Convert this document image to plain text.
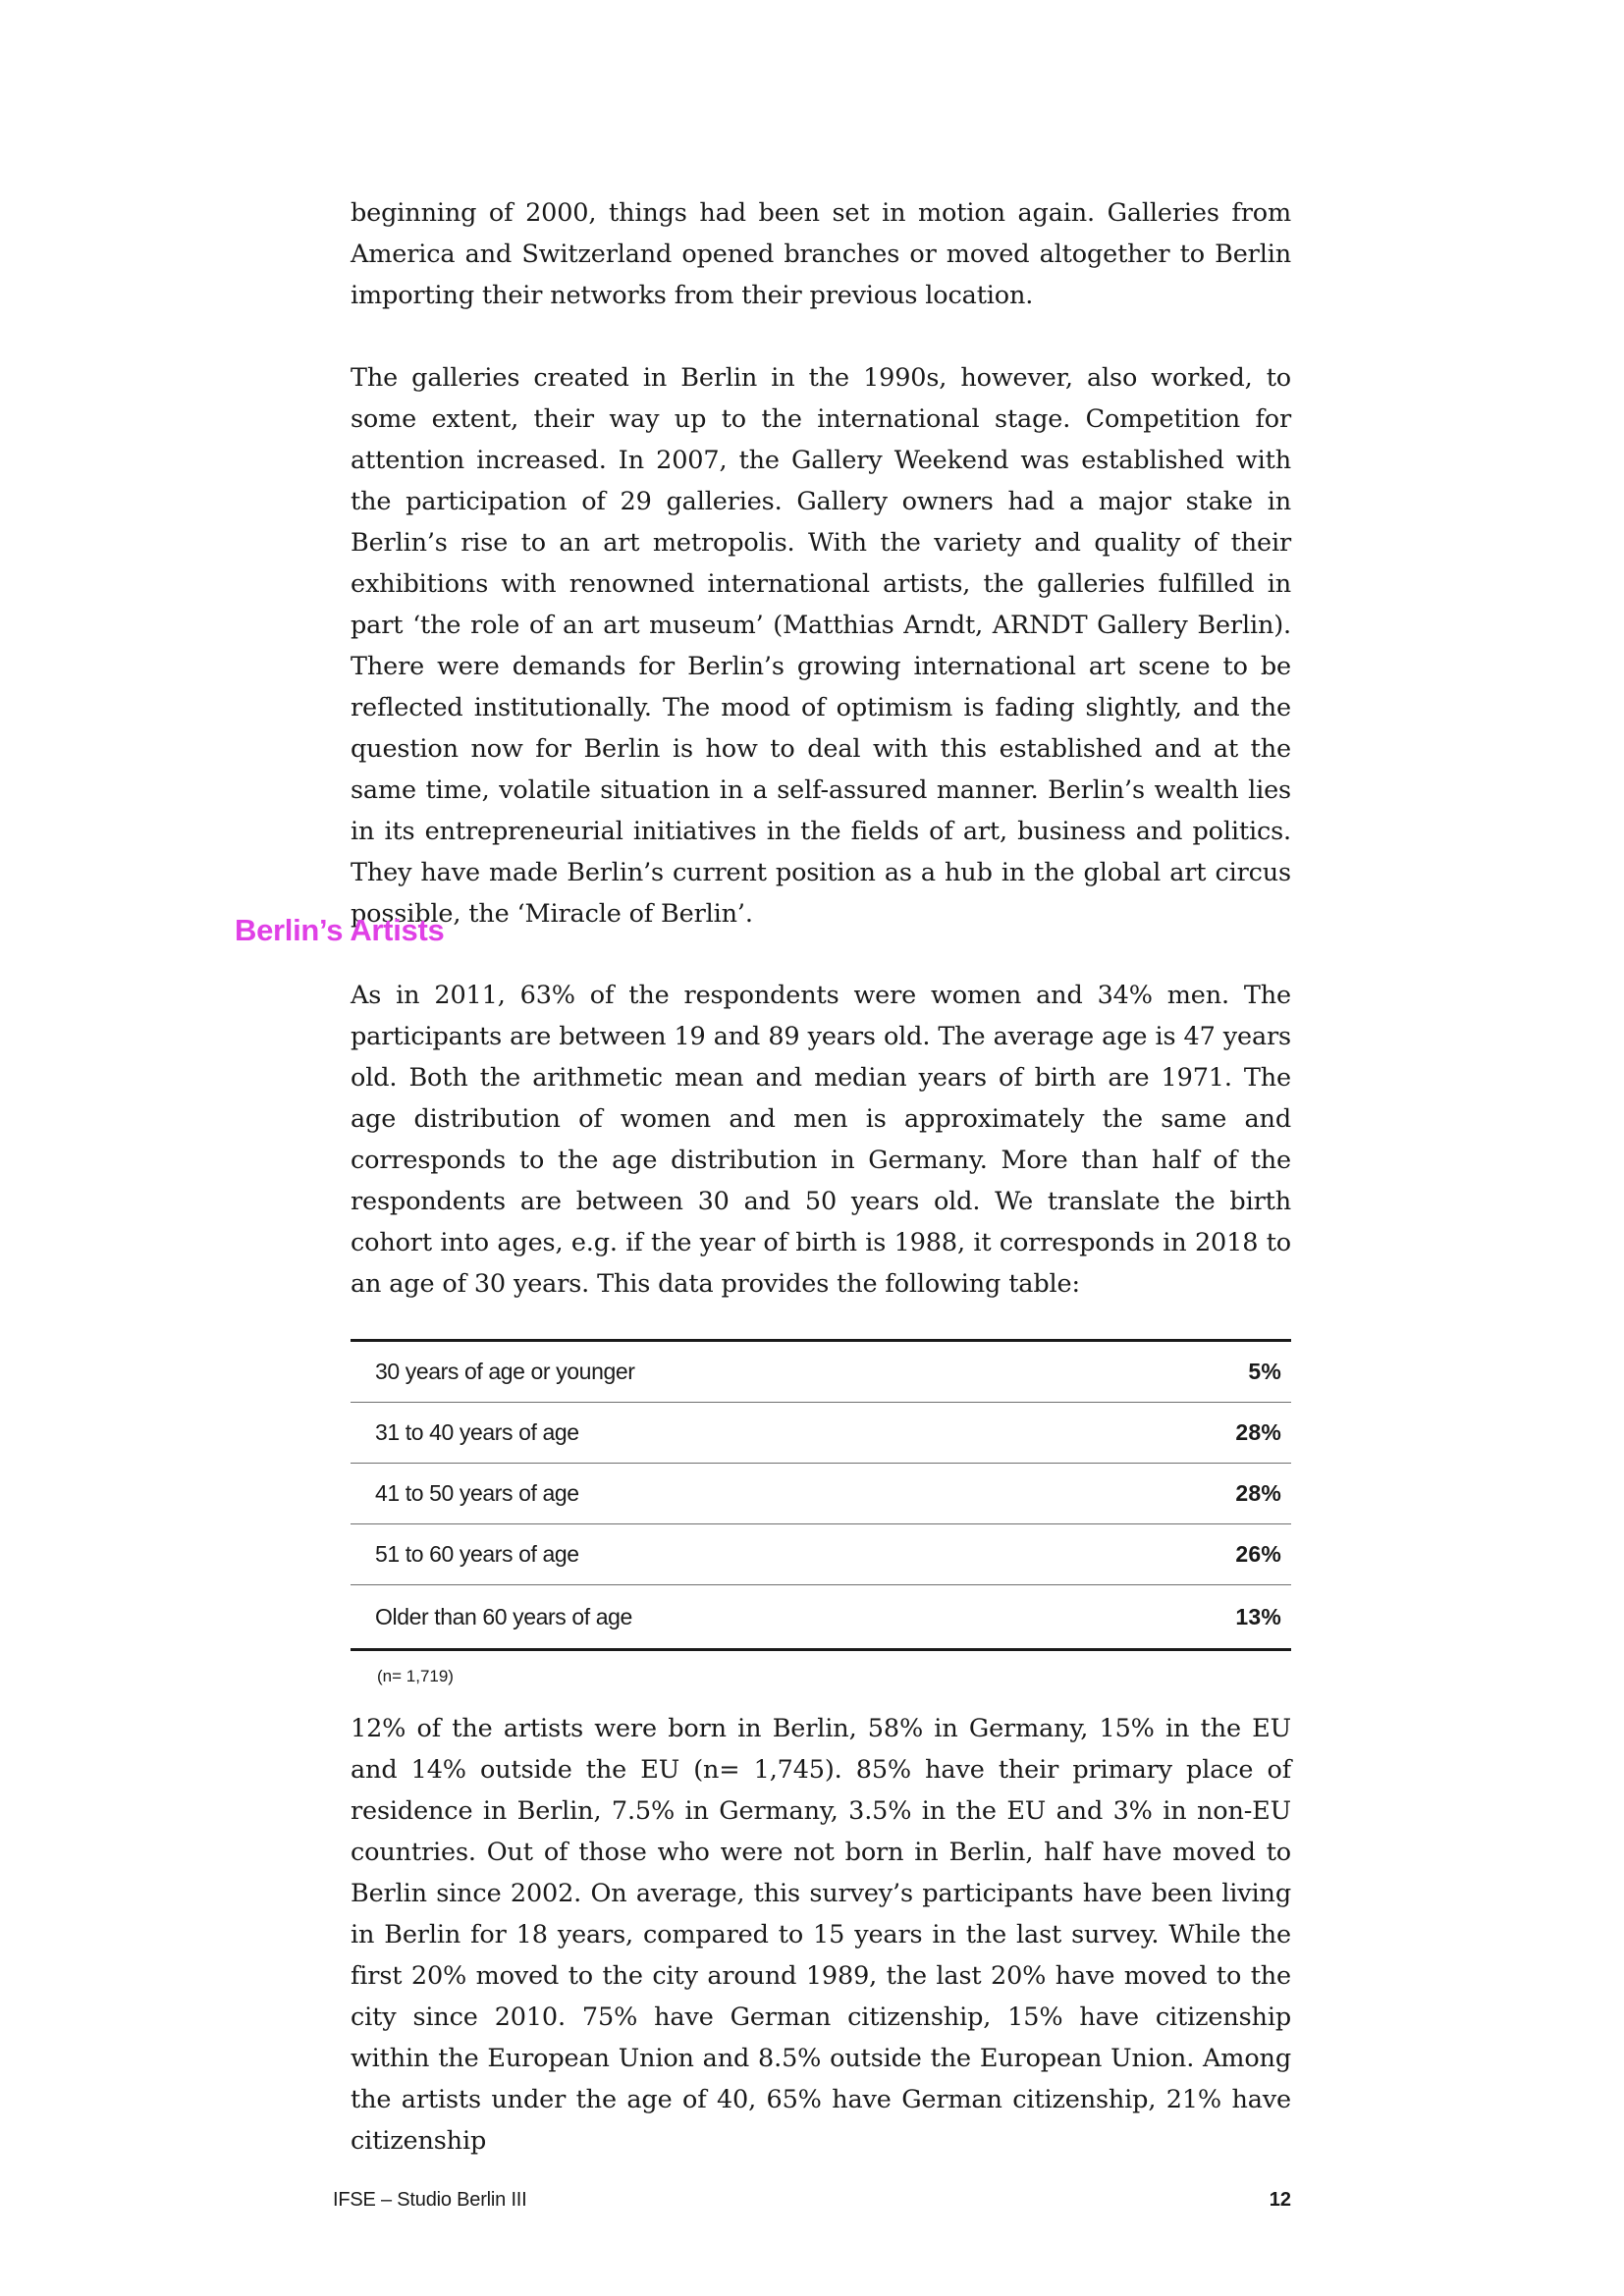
beginning of 2000, things had been set in motion again. Galleries from America and Switzerland opened branches or moved altogether to Berlin importing their networks from their previous location.

The galleries created in Berlin in the 1990s, however, also worked, to some extent, their way up to the international stage. Competition for attention increased. In 2007, the Gallery Weekend was established with the participation of 29 galleries. Gallery owners had a major stake in Berlin’s rise to an art metropolis. With the variety and quality of their exhibitions with renowned international artists, the galleries fulfilled in part ‘the role of an art museum’ (Matthias Arndt, ARNDT Gallery Berlin). There were demands for Berlin’s growing international art scene to be reflected institutionally. The mood of optimism is fading slightly, and the question now for Berlin is how to deal with this established and at the same time, volatile situation in a self-assured manner. Berlin’s wealth lies in its entrepreneurial initiatives in the fields of art, business and politics. They have made Berlin’s current position as a hub in the global art circus possible, the ‘Miracle of Berlin’.

Berlin’s Artists

As in 2011, 63% of the respondents were women and 34% men. The participants are between 19 and 89 years old. The average age is 47 years old. Both the arithmetic mean and median years of birth are 1971. The age distribution of women and men is approximately the same and corresponds to the age distribution in Germany. More than half of the respondents are between 30 and 50 years old. We translate the birth cohort into ages, e.g. if the year of birth is 1988, it corresponds in 2018 to an age of 30 years. This data provides the following table:

30 years of age or younger	5%
31 to 40 years of age	28%
41 to 50 years of age	28%
51 to 60 years of age	26%
Older than 60 years of age	13%
(n= 1,719)

12% of the artists were born in Berlin, 58% in Germany, 15% in the EU and 14% outside the EU (n= 1,745). 85% have their primary place of residence in Berlin, 7.5% in Germany, 3.5% in the EU and 3% in non-EU countries. Out of those who were not born in Berlin, half have moved to Berlin since 2002. On average, this survey’s participants have been living in Berlin for 18 years, compared to 15 years in the last survey. While the first 20% moved to the city around 1989, the last 20% have moved to the city since 2010. 75% have German citizenship, 15% have citizenship within the European Union and 8.5% outside the European Union. Among the artists under the age of 40, 65% have German citizenship, 21% have citizenship

IFSE – Studio Berlin III	12
